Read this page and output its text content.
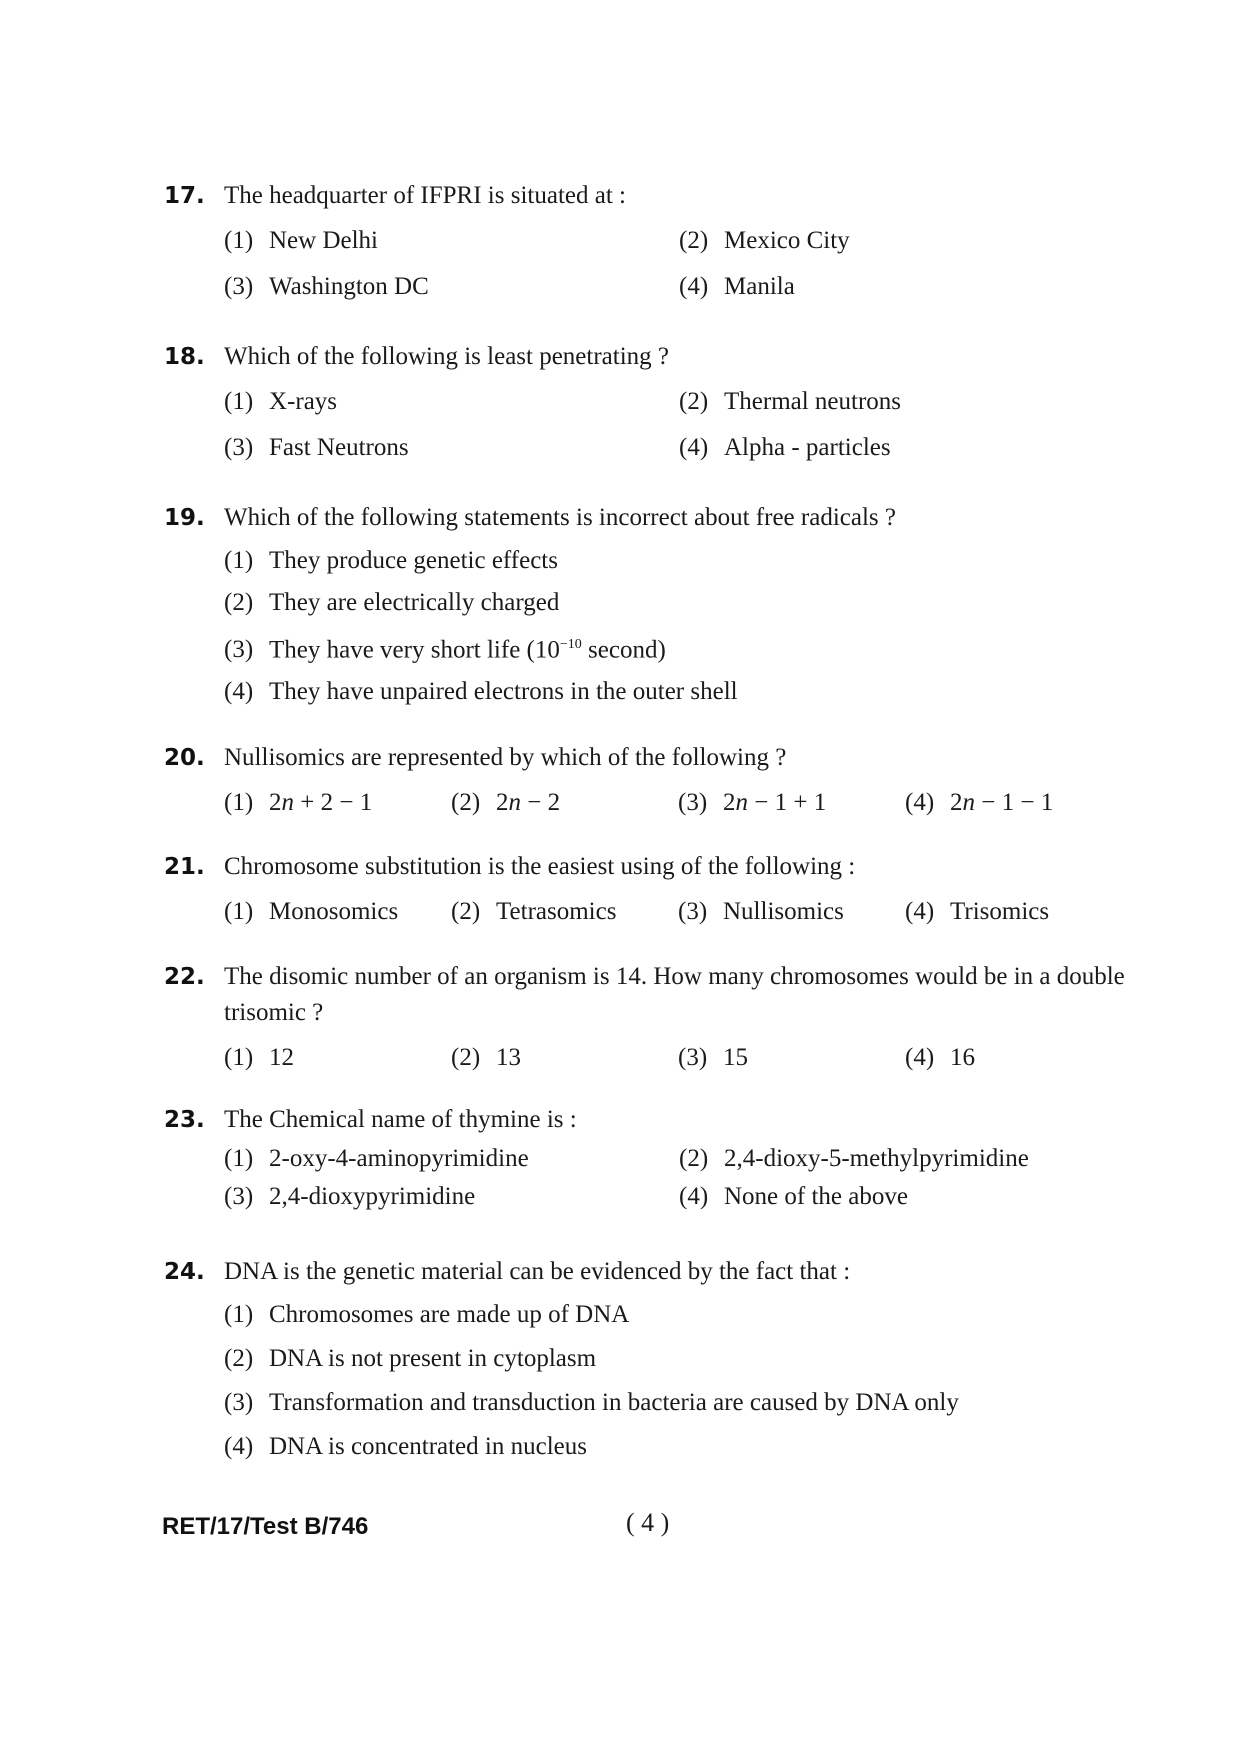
17. The headquarter of IFPRI is situated at :
(1) New Delhi	(2) Mexico City
(3) Washington DC	(4) Manila
18. Which of the following is least penetrating ?
(1) X-rays	(2) Thermal neutrons
(3) Fast Neutrons	(4) Alpha - particles
19. Which of the following statements is incorrect about free radicals ?
(1) They produce genetic effects
(2) They are electrically charged
(3) They have very short life ($10^{-10}$ second)
(4) They have unpaired electrons in the outer shell
20. Nullisomics are represented by which of the following ?
(1) 2n + 2 − 1	(2) 2n − 2	(3) 2n − 1 + 1	(4) 2n − 1 − 1
21. Chromosome substitution is the easiest using of the following :
(1) Monosomics	(2) Tetrasomics	(3) Nullisomics	(4) Trisomics
22. The disomic number of an organism is 14. How many chromosomes would be in a double trisomic ?
(1) 12	(2) 13	(3) 15	(4) 16
23. The Chemical name of thymine is :
(1) 2-oxy-4-aminopyrimidine	(2) 2,4-dioxy-5-methylpyrimidine
(3) 2,4-dioxypyrimidine	(4) None of the above
24. DNA is the genetic material can be evidenced by the fact that :
(1) Chromosomes are made up of DNA
(2) DNA is not present in cytoplasm
(3) Transformation and transduction in bacteria are caused by DNA only
(4) DNA is concentrated in nucleus
RET/17/Test B/746	( 4 )
